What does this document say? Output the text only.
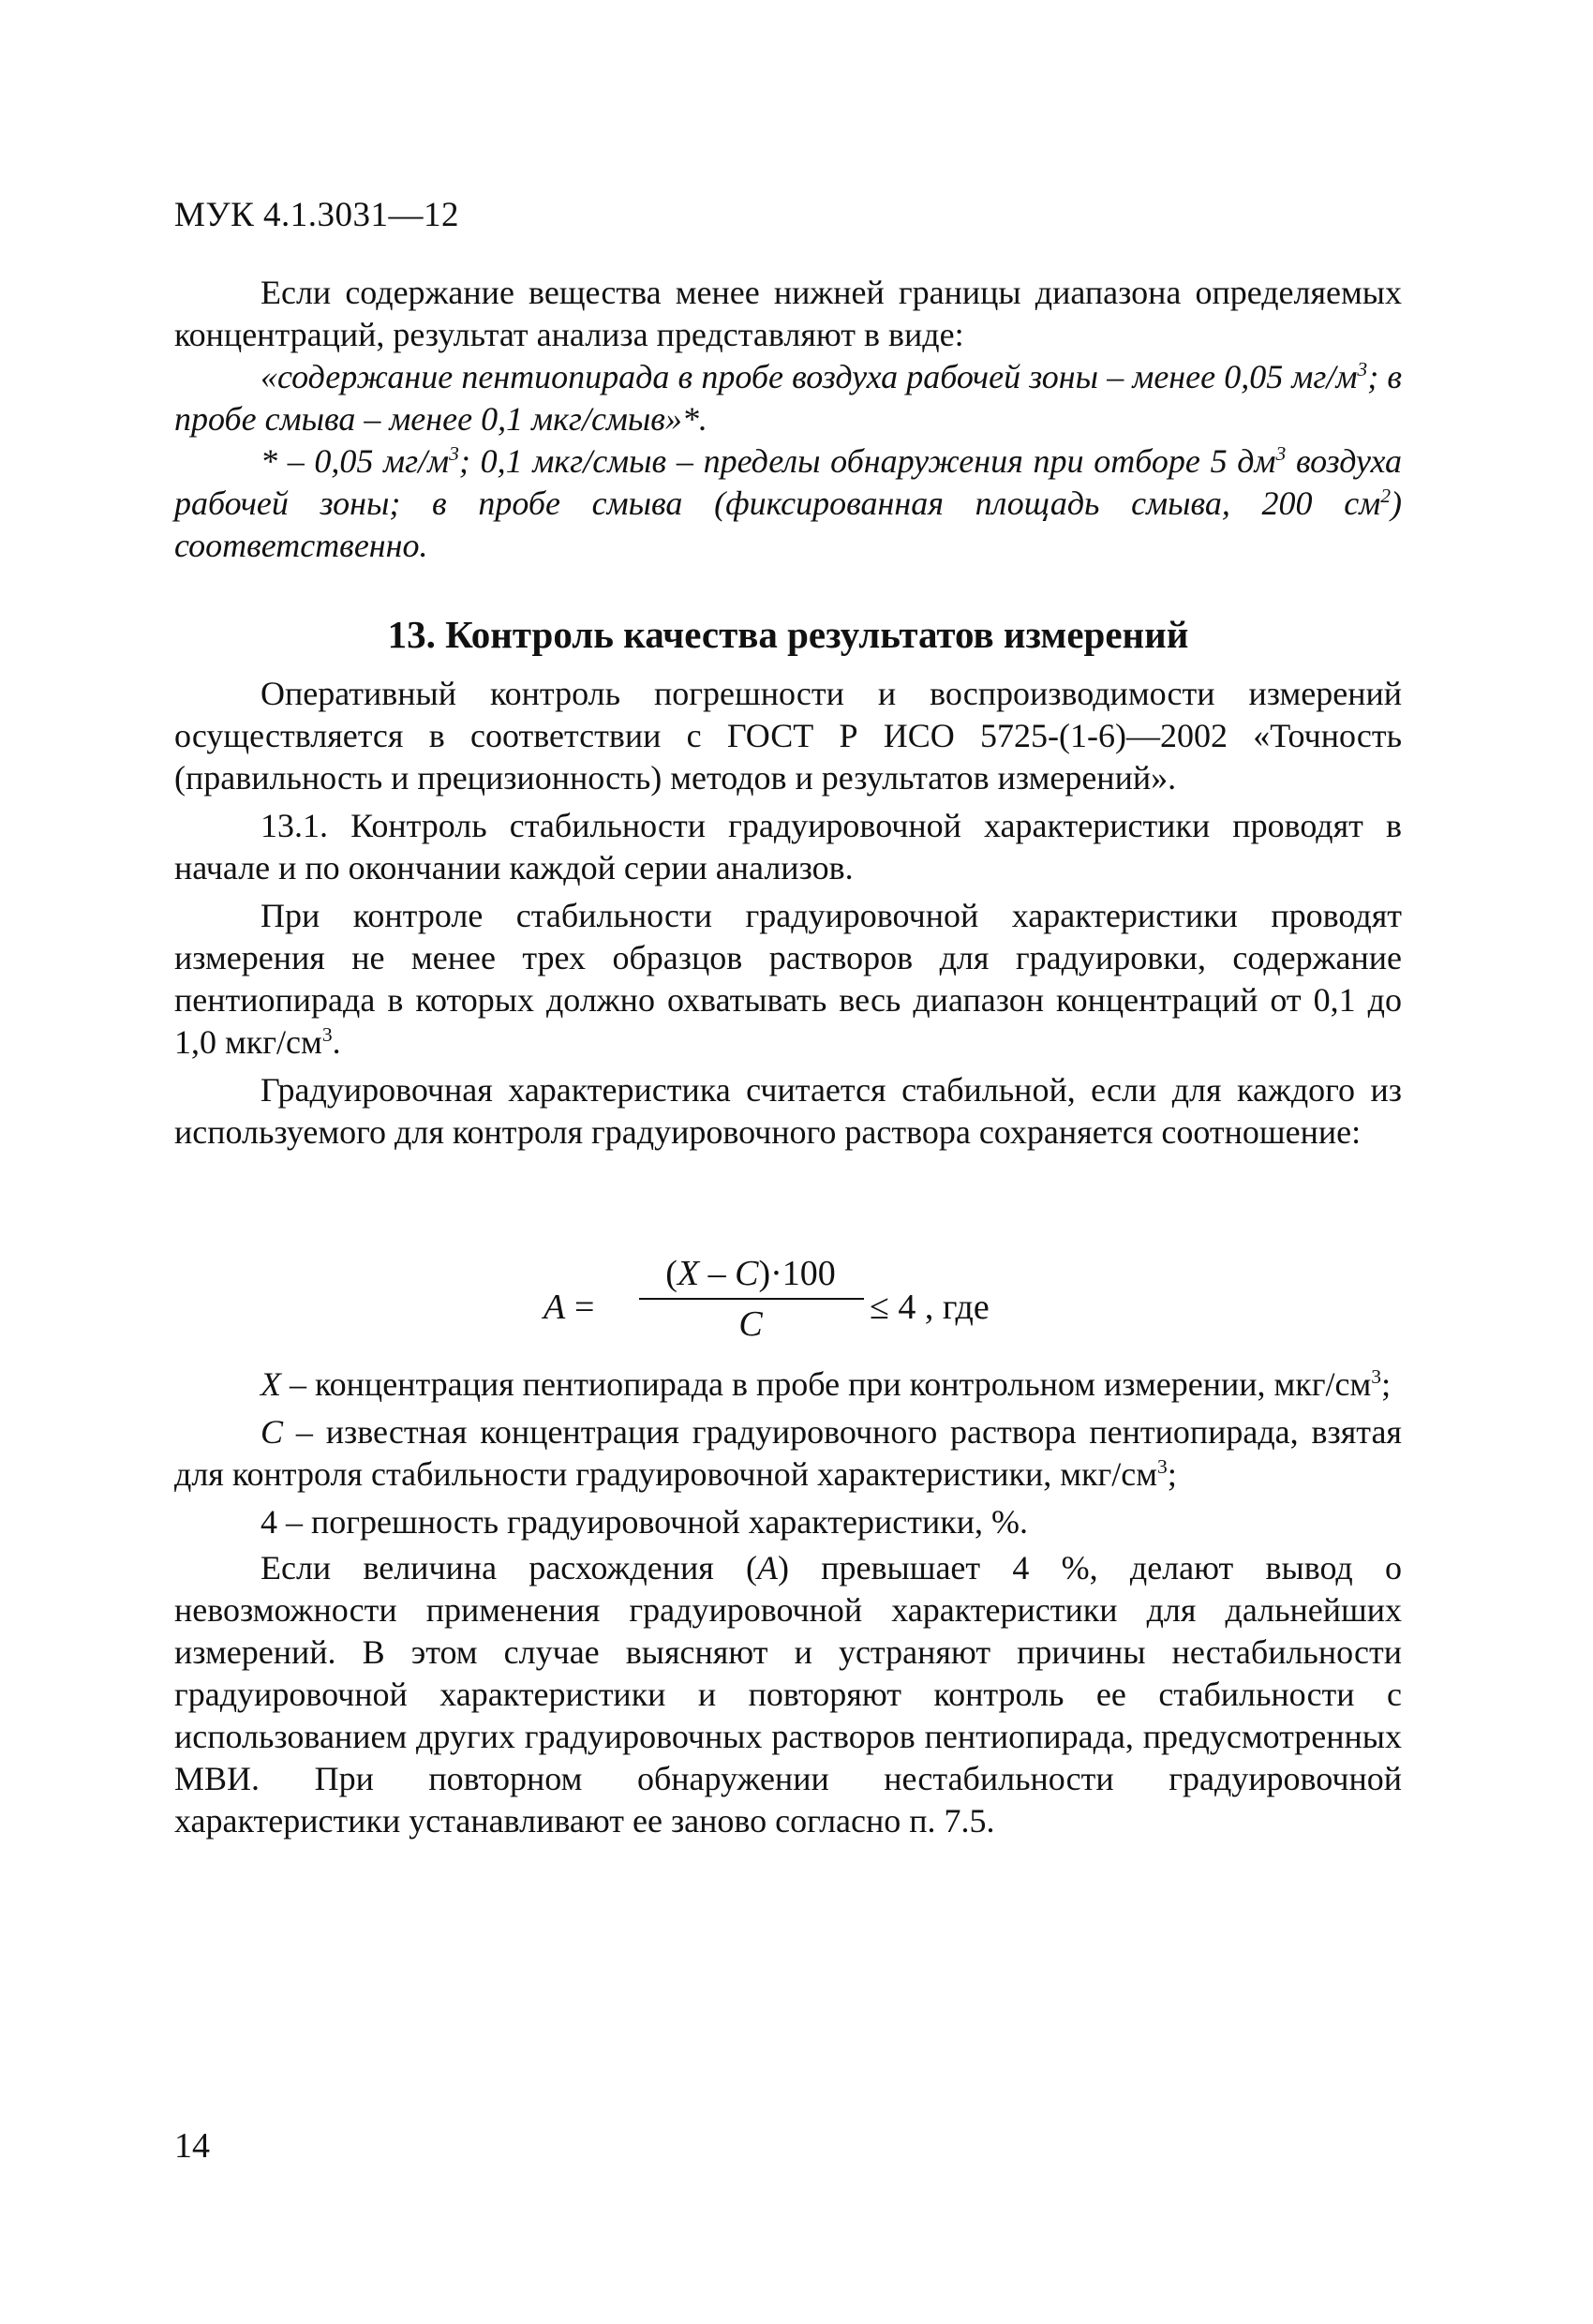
МУК 4.1.3031—12

Если содержание вещества менее нижней границы диапазона определяемых концентраций, результат анализа представляют в виде:

«содержание пентиопирада в пробе воздуха рабочей зоны – менее 0,05 $мг/м^3$; в пробе смыва – менее 0,1 мкг/смыв»*.

* – 0,05 $мг/м^3$; 0,1 мкг/смыв – пределы обнаружения при отборе 5 $дм^3$ воздуха рабочей зоны; в пробе смыва (фиксированная площадь смыва, 200 $см^2$) соответственно.

13. Контроль качества результатов измерений

Оперативный контроль погрешности и воспроизводимости измерений осуществляется в соответствии с ГОСТ Р ИСО 5725-(1-6)—2002 «Точность (правильность и прецизионность) методов и результатов измерений».

13.1. Контроль стабильности градуировочной характеристики проводят в начале и по окончании каждой серии анализов.

При контроле стабильности градуировочной характеристики проводят измерения не менее трех образцов растворов для градуировки, содержание пентиопирада в которых должно охватывать весь диапазон концентраций от 0,1 до 1,0 мкг/$см^3$.

Градуировочная характеристика считается стабильной, если для каждого из используемого для контроля градуировочного раствора сохраняется соотношение:

A =
(X – C)·100
C	≤ 4 , где

X – концентрация пентиопирада в пробе при контрольном измерении, мкг/$см^3$;

C – известная концентрация градуировочного раствора пентиопирада, взятая для контроля стабильности градуировочной характеристики, мкг/$см^3$;

4 – погрешность градуировочной характеристики, %.

Если величина расхождения (A) превышает 4 %, делают вывод о невозможности применения градуировочной характеристики для дальнейших измерений. В этом случае выясняют и устраняют причины нестабильности градуировочной характеристики и повторяют контроль ее стабильности с использованием других градуировочных растворов пентиопирада, предусмотренных МВИ. При повторном обнаружении нестабильности градуировочной характеристики устанавливают ее заново согласно п. 7.5.

14
